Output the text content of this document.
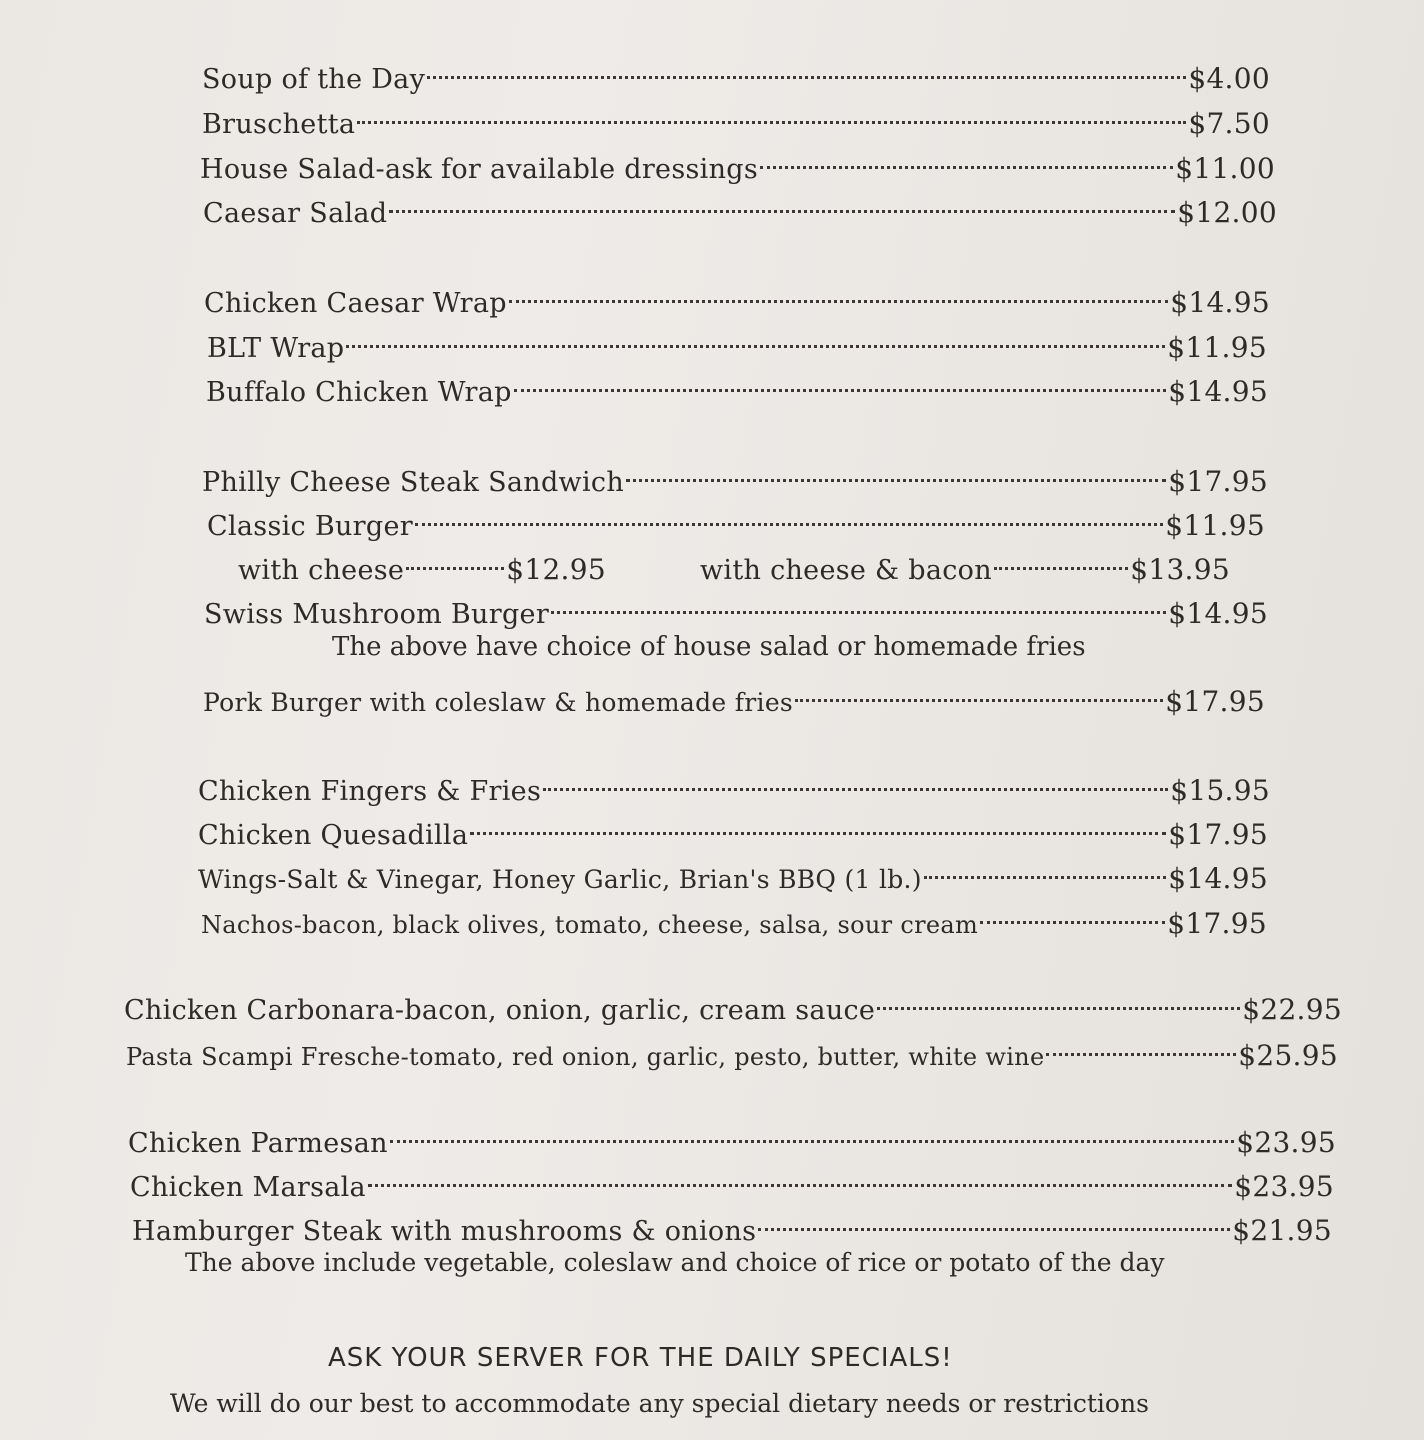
Soup of the Day	$4.00
Bruschetta	$7.50
House Salad-ask for available dressings	$11.00
Caesar Salad	$12.00
Chicken Caesar Wrap	$14.95
BLT Wrap	$11.95
Buffalo Chicken Wrap	$14.95
Philly Cheese Steak Sandwich	$17.95
Classic Burger	$11.95
with cheese	$12.95	with cheese & bacon	$13.95
Swiss Mushroom Burger	$14.95
The above have choice of house salad or homemade fries
Pork Burger with coleslaw & homemade fries	$17.95
Chicken Fingers & Fries	$15.95
Chicken Quesadilla	$17.95
Wings-Salt & Vinegar, Honey Garlic, Brian's BBQ (1 lb.)	$14.95
Nachos-bacon, black olives, tomato, cheese, salsa, sour cream	$17.95
Chicken Carbonara-bacon, onion, garlic, cream sauce	$22.95
Pasta Scampi Fresche-tomato, red onion, garlic, pesto, butter, white wine	$25.95
Chicken Parmesan	$23.95
Chicken Marsala	$23.95
Hamburger Steak with mushrooms & onions	$21.95
The above include vegetable, coleslaw and choice of rice or potato of the day
ASK YOUR SERVER FOR THE DAILY SPECIALS!
We will do our best to accommodate any special dietary needs or restrictions
